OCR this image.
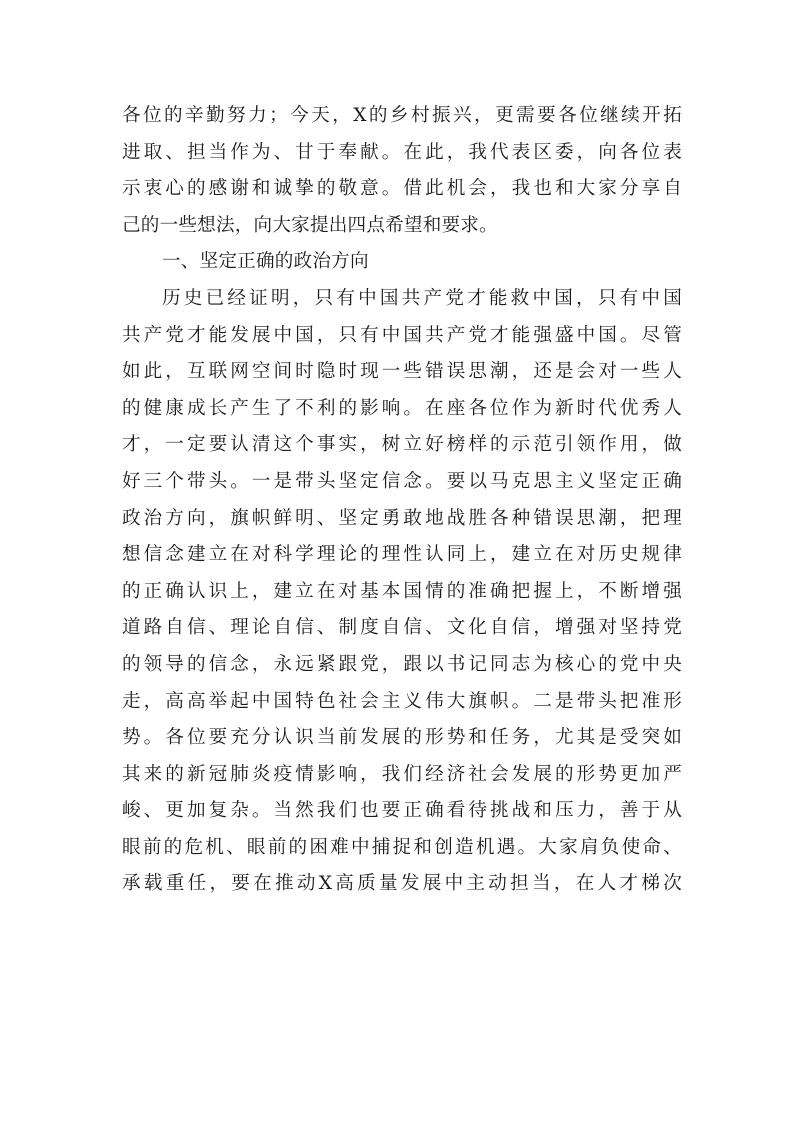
各位的辛勤努力；今天，X的乡村振兴，更需要各位继续开拓
进取、担当作为、甘于奉献。在此，我代表区委，向各位表
示衷心的感谢和诚挚的敬意。借此机会，我也和大家分享自
己的一些想法，向大家提出四点希望和要求。
一、坚定正确的政治方向
历史已经证明，只有中国共产党才能救中国，只有中国
共产党才能发展中国，只有中国共产党才能强盛中国。尽管
如此，互联网空间时隐时现一些错误思潮，还是会对一些人
的健康成长产生了不利的影响。在座各位作为新时代优秀人
才，一定要认清这个事实，树立好榜样的示范引领作用，做
好三个带头。一是带头坚定信念。要以马克思主义坚定正确
政治方向，旗帜鲜明、坚定勇敢地战胜各种错误思潮，把理
想信念建立在对科学理论的理性认同上，建立在对历史规律
的正确认识上，建立在对基本国情的准确把握上，不断增强
道路自信、理论自信、制度自信、文化自信，增强对坚持党
的领导的信念，永远紧跟党，跟以书记同志为核心的党中央
走，高高举起中国特色社会主义伟大旗帜。二是带头把准形
势。各位要充分认识当前发展的形势和任务，尤其是受突如
其来的新冠肺炎疫情影响，我们经济社会发展的形势更加严
峻、更加复杂。当然我们也要正确看待挑战和压力，善于从
眼前的危机、眼前的困难中捕捉和创造机遇。大家肩负使命、
承载重任，要在推动X高质量发展中主动担当，在人才梯次
